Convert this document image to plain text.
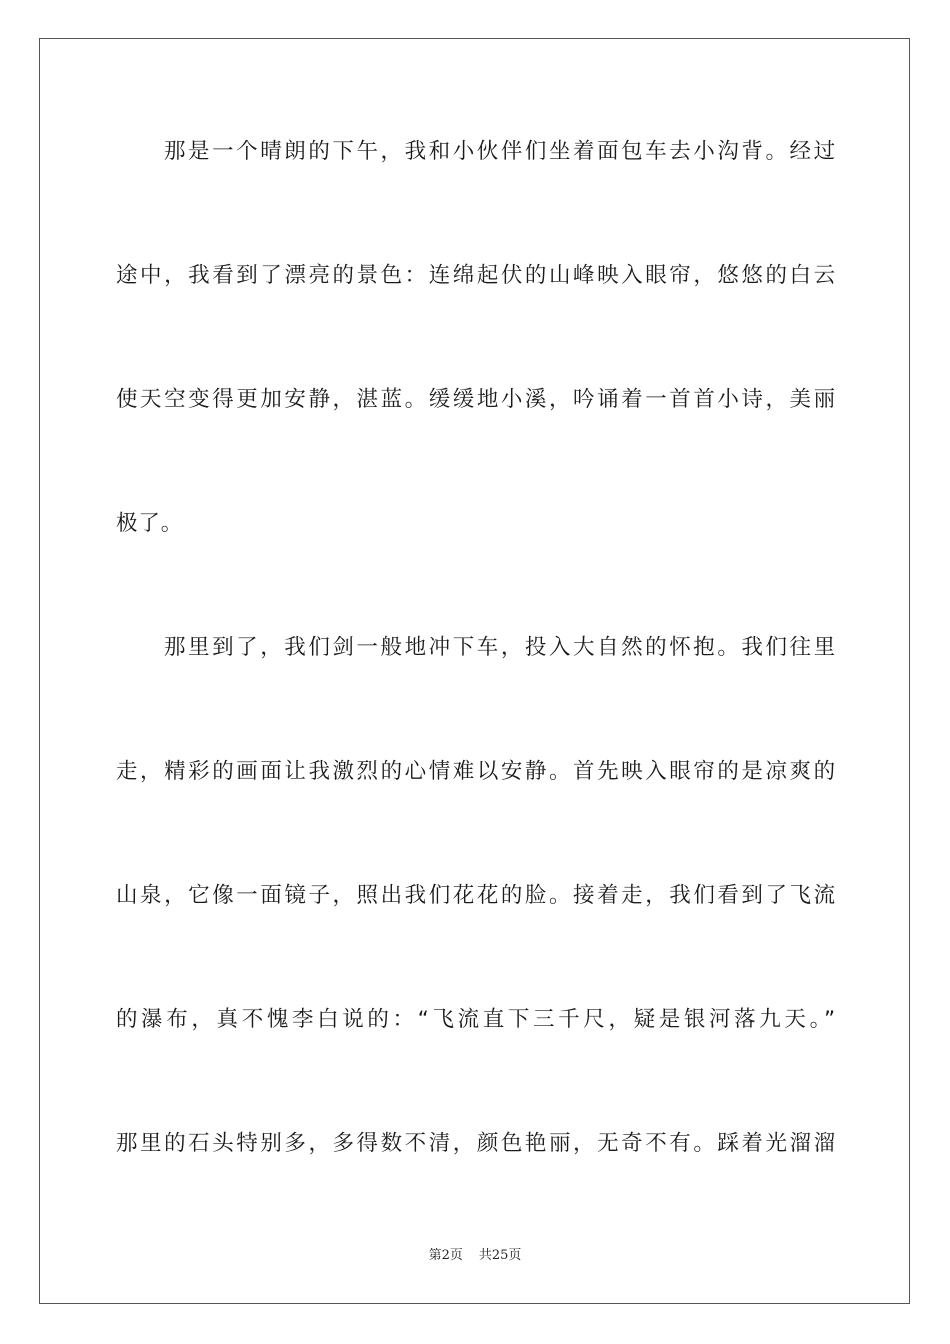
那是一个晴朗的下午，我和小伙伴们坐着面包车去小沟背。经过
途中，我看到了漂亮的景色：连绵起伏的山峰映入眼帘，悠悠的白云
使天空变得更加安静，湛蓝。缓缓地小溪，吟诵着一首首小诗，美丽
极了。
那里到了，我们剑一般地冲下车，投入大自然的怀抱。我们往里
走，精彩的画面让我激烈的心情难以安静。首先映入眼帘的是凉爽的
山泉，它像一面镜子，照出我们花花的脸。接着走，我们看到了飞流
的瀑布，真不愧李白说的：“飞流直下三千尺，疑是银河落九天。”
那里的石头特别多，多得数不清，颜色艳丽，无奇不有。踩着光溜溜
第2页 共25页
